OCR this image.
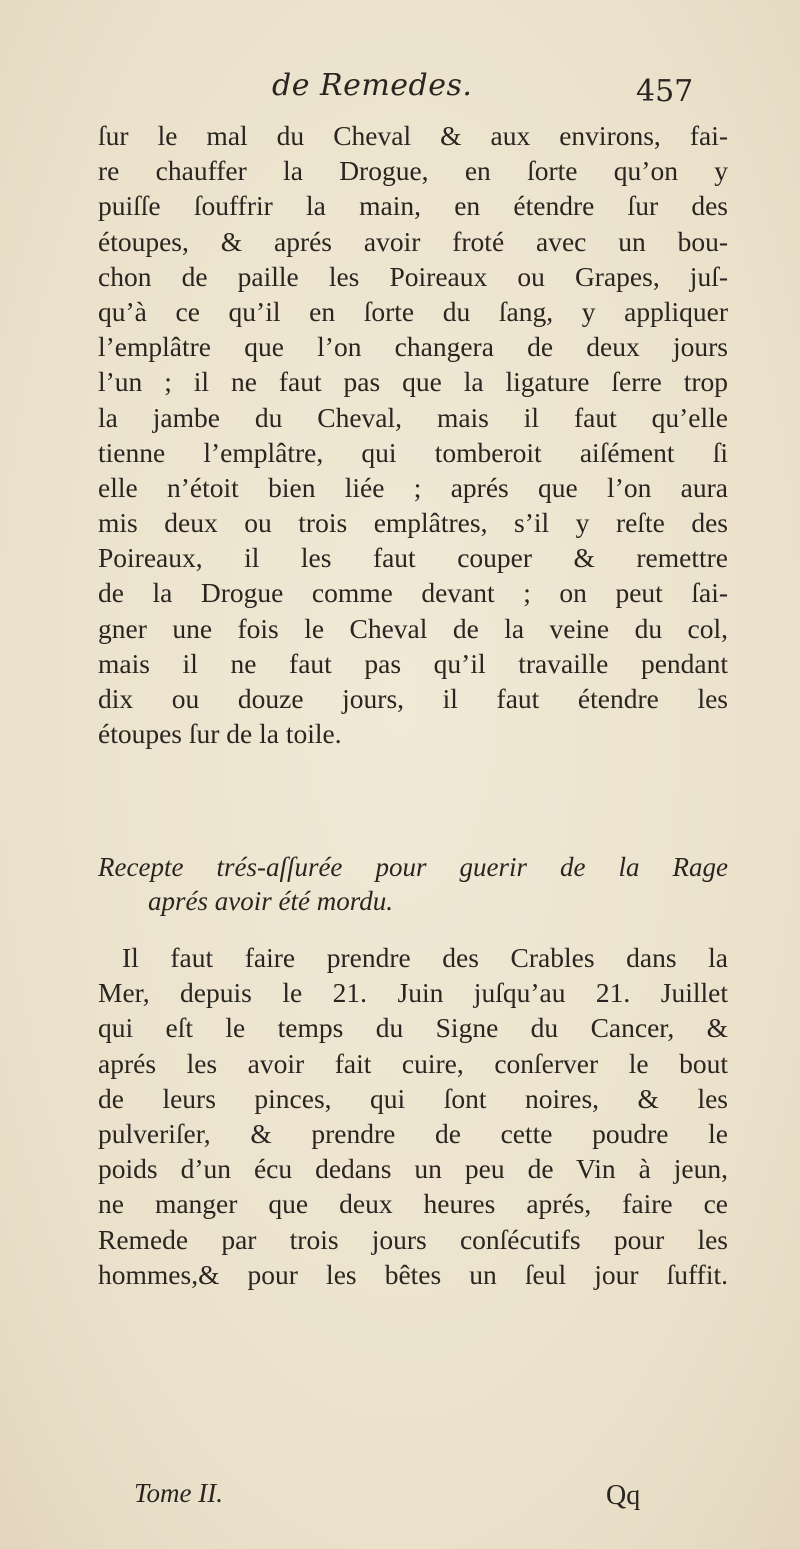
de Remedes.	457
ſur le mal du Cheval & aux environs, fai-
re chauffer la Drogue, en ſorte qu’on y
puiſſe ſouffrir la main, en étendre ſur des
étoupes, & aprés avoir froté avec un bou-
chon de paille les Poireaux ou Grapes, juſ-
qu’à ce qu’il en ſorte du ſang, y appliquer
l’emplâtre que l’on changera de deux jours
l’un ; il ne faut pas que la ligature ſerre trop
la jambe du Cheval, mais il faut qu’elle
tienne l’emplâtre, qui tomberoit aiſément ſi
elle n’étoit bien liée ; aprés que l’on aura
mis deux ou trois emplâtres, s’il y reſte des
Poireaux, il les faut couper & remettre
de la Drogue comme devant ; on peut ſai-
gner une fois le Cheval de la veine du col,
mais il ne faut pas qu’il travaille pendant
dix ou douze jours, il faut étendre les
étoupes ſur de la toile.
Recepte trés-aſſurée pour guerir de la Rage
aprés avoir été mordu.
Il faut faire prendre des Crables dans la
Mer, depuis le 21. Juin juſqu’au 21. Juillet
qui eſt le temps du Signe du Cancer, &
aprés les avoir fait cuire, conſerver le bout
de leurs pinces, qui ſont noires, & les
pulveriſer, & prendre de cette poudre le
poids d’un écu dedans un peu de Vin à jeun,
ne manger que deux heures aprés, faire ce
Remede par trois jours conſécutifs pour les
hommes,& pour les bêtes un ſeul jour ſuffit.
Tome II.	Qq
